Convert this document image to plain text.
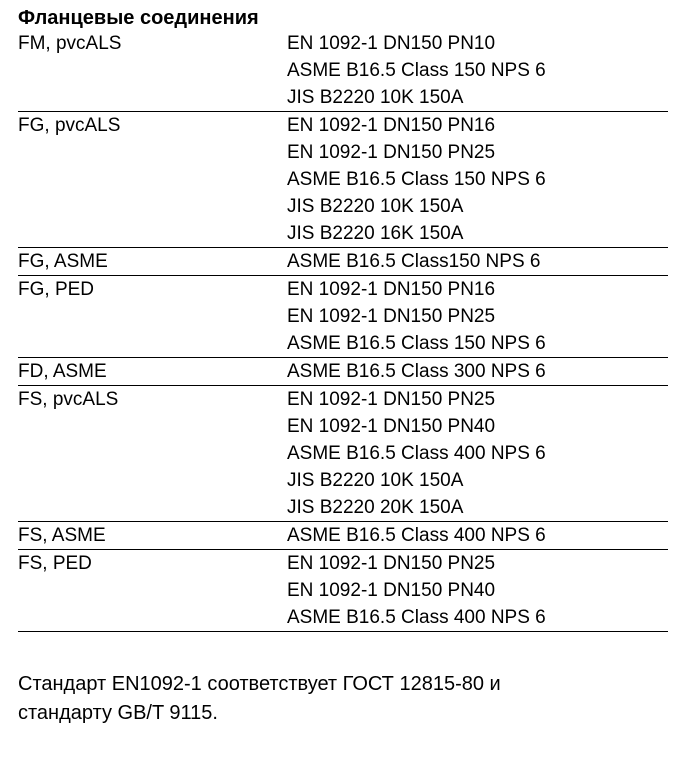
Фланцевые соединения
FM, pvcALS	EN 1092-1 DN150 PN10
ASME B16.5 Class 150 NPS 6
JIS B2220 10K 150A
FG, pvcALS	EN 1092-1 DN150 PN16
EN 1092-1 DN150 PN25
ASME B16.5 Class 150 NPS 6
JIS B2220 10K 150A
JIS B2220 16K 150A
FG, ASME	ASME B16.5 Class150 NPS 6
FG, PED	EN 1092-1 DN150 PN16
EN 1092-1 DN150 PN25
ASME B16.5 Class 150 NPS 6
FD, ASME	ASME B16.5 Class 300 NPS 6
FS, pvcALS	EN 1092-1 DN150 PN25
EN 1092-1 DN150 PN40
ASME B16.5 Class 400 NPS 6
JIS B2220 10K 150A
JIS B2220 20K 150A
FS, ASME	ASME B16.5 Class 400 NPS 6
FS, PED	EN 1092-1 DN150 PN25
EN 1092-1 DN150 PN40
ASME B16.5 Class 400 NPS 6

Стандарт EN1092-1 соответствует ГОСТ 12815-80 и
стандарту GB/T 9115.
